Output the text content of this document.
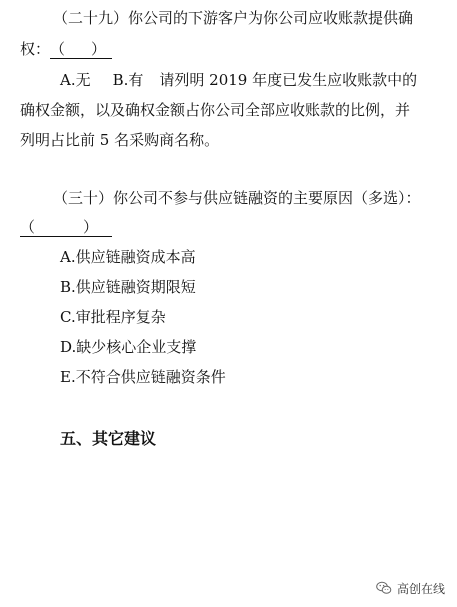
（二十九）你公司的下游客户为你公司应收账款提供确
权：（ ）
A.无 B.有 请列明 2019 年度已发生应收账款中的
确权金额，以及确权金额占你公司全部应收账款的比例，并
列明占比前 5 名采购商名称。
（三十）你公司不参与供应链融资的主要原因（多选）：
（	）
A.供应链融资成本高
B.供应链融资期限短
C.审批程序复杂
D.缺少核心企业支撑
E.不符合供应链融资条件
五、其它建议
高创在线
